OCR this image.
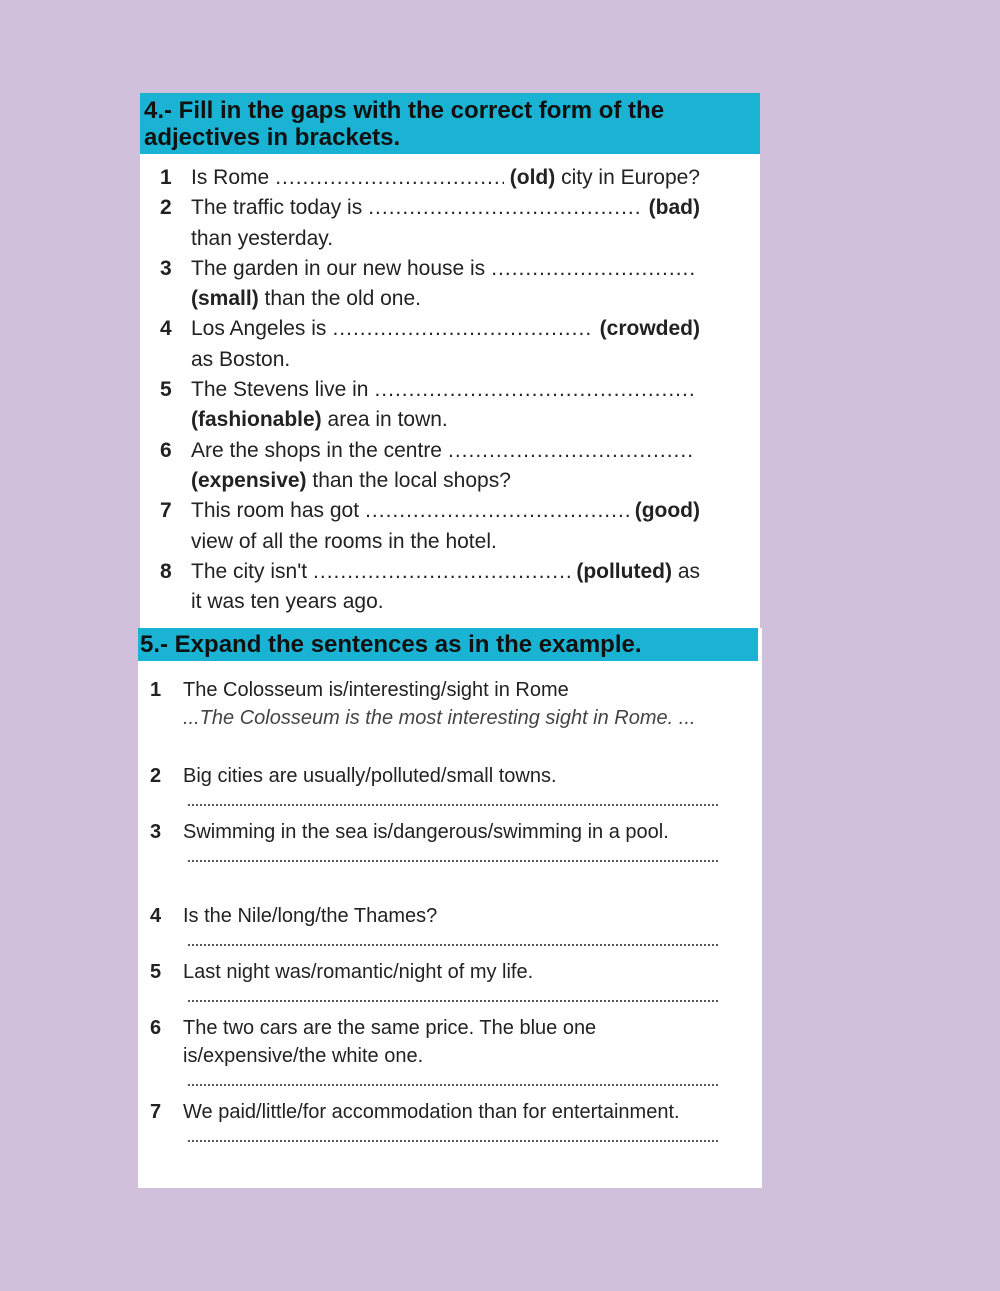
4.- Fill in the gaps with the correct form of the adjectives in brackets.
1 Is Rome .....	(old)
city in Europe?
2 The traffic today is .....	(bad)
than yesterday.
3 The garden in our new house is
.....
(small)
than the old one.
4 Los Angeles is .....	(crowded)
as Boston.
5 The Stevens live in
.....
(fashionable)
area in town.
6 Are the shops in the centre
.....
(expensive)
than the local shops?
7 This room has got .....	(good)
view of all the rooms in the hotel.
8 The city isn't .....	(polluted)
as
it was ten years ago.
5.- Expand the sentences as in the example.
1 The Colosseum is/interesting/sight in Rome
...The Colosseum is the most interesting sight in Rome. ...
2 Big cities are usually/polluted/small towns.
3 Swimming in the sea is/dangerous/swimming in a pool.
4 Is the Nile/long/the Thames?
5 Last night was/romantic/night of my life.
6 The two cars are the same price. The blue one is/expensive/the white one.
7 We paid/little/for accommodation than for entertainment.
